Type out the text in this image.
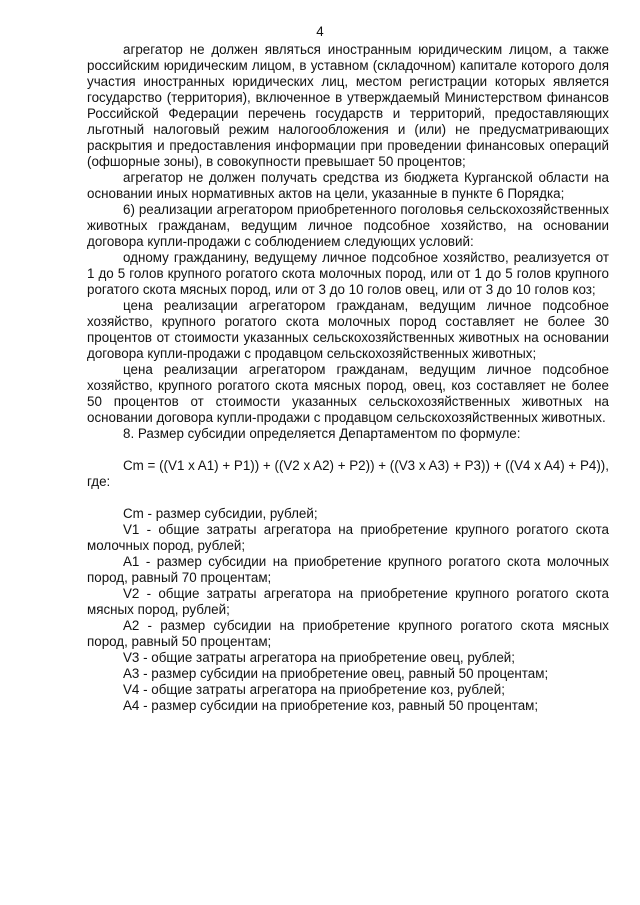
4

агрегатор не должен являться иностранным юридическим лицом, а также российским юридическим лицом, в уставном (складочном) капитале которого доля участия иностранных юридических лиц, местом регистрации которых является государство (территория), включенное в утверждаемый Министерством финансов Российской Федерации перечень государств и территорий, предоставляющих льготный налоговый режим налогообложения и (или) не предусматривающих раскрытия и предоставления информации при проведении финансовых операций (офшорные зоны), в совокупности превышает 50 процентов;

агрегатор не должен получать средства из бюджета Курганской области на основании иных нормативных актов на цели, указанные в пункте 6 Порядка;

6) реализации агрегатором приобретенного поголовья сельскохозяйственных животных гражданам, ведущим личное подсобное хозяйство, на основании договора купли-продажи с соблюдением следующих условий:

одному гражданину, ведущему личное подсобное хозяйство, реализуется от 1 до 5 голов крупного рогатого скота молочных пород, или от 1 до 5 голов крупного рогатого скота мясных пород, или от 3 до 10 голов овец, или от 3 до 10 голов коз;

цена реализации агрегатором гражданам, ведущим личное подсобное хозяйство, крупного рогатого скота молочных пород составляет не более 30 процентов от стоимости указанных сельскохозяйственных животных на основании договора купли-продажи с продавцом сельскохозяйственных животных;

цена реализации агрегатором гражданам, ведущим личное подсобное хозяйство, крупного рогатого скота мясных пород, овец, коз составляет не более 50 процентов от стоимости указанных сельскохозяйственных животных на основании договора купли-продажи с продавцом сельскохозяйственных животных.

8. Размер субсидии определяется Департаментом по формуле:

Cm = ((V1 x A1) + P1)) + ((V2 x A2) + P2)) + ((V3 x A3) + P3)) + ((V4 x A4) + P4)), где:

Cm - размер субсидии, рублей;

V1 - общие затраты агрегатора на приобретение крупного рогатого скота молочных пород, рублей;

А1 - размер субсидии на приобретение крупного рогатого скота молочных пород, равный 70 процентам;

V2 - общие затраты агрегатора на приобретение крупного рогатого скота мясных пород, рублей;

А2 - размер субсидии на приобретение крупного рогатого скота мясных пород, равный 50 процентам;

V3 - общие затраты агрегатора на приобретение овец, рублей;

А3 - размер субсидии на приобретение овец, равный 50 процентам;

V4 - общие затраты агрегатора на приобретение коз, рублей;

А4 - размер субсидии на приобретение коз, равный 50 процентам;
